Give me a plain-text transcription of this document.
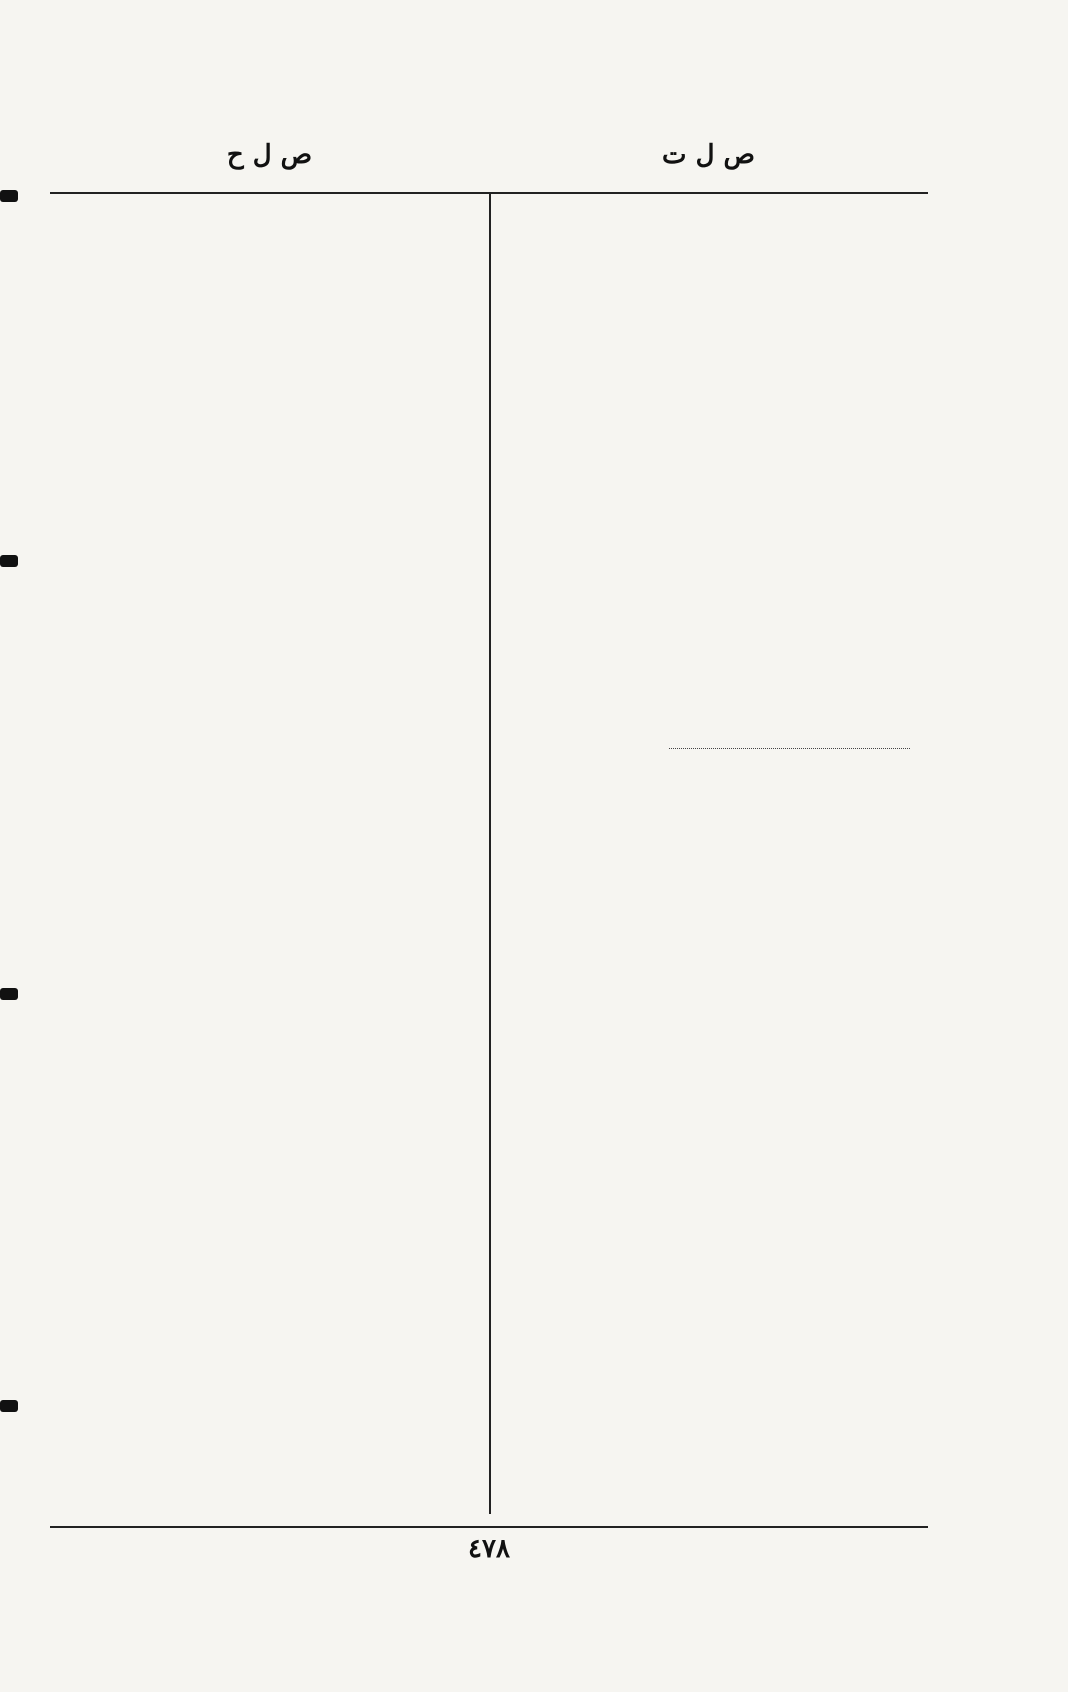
ص ل ت
ص ل ح
٤٧٨
